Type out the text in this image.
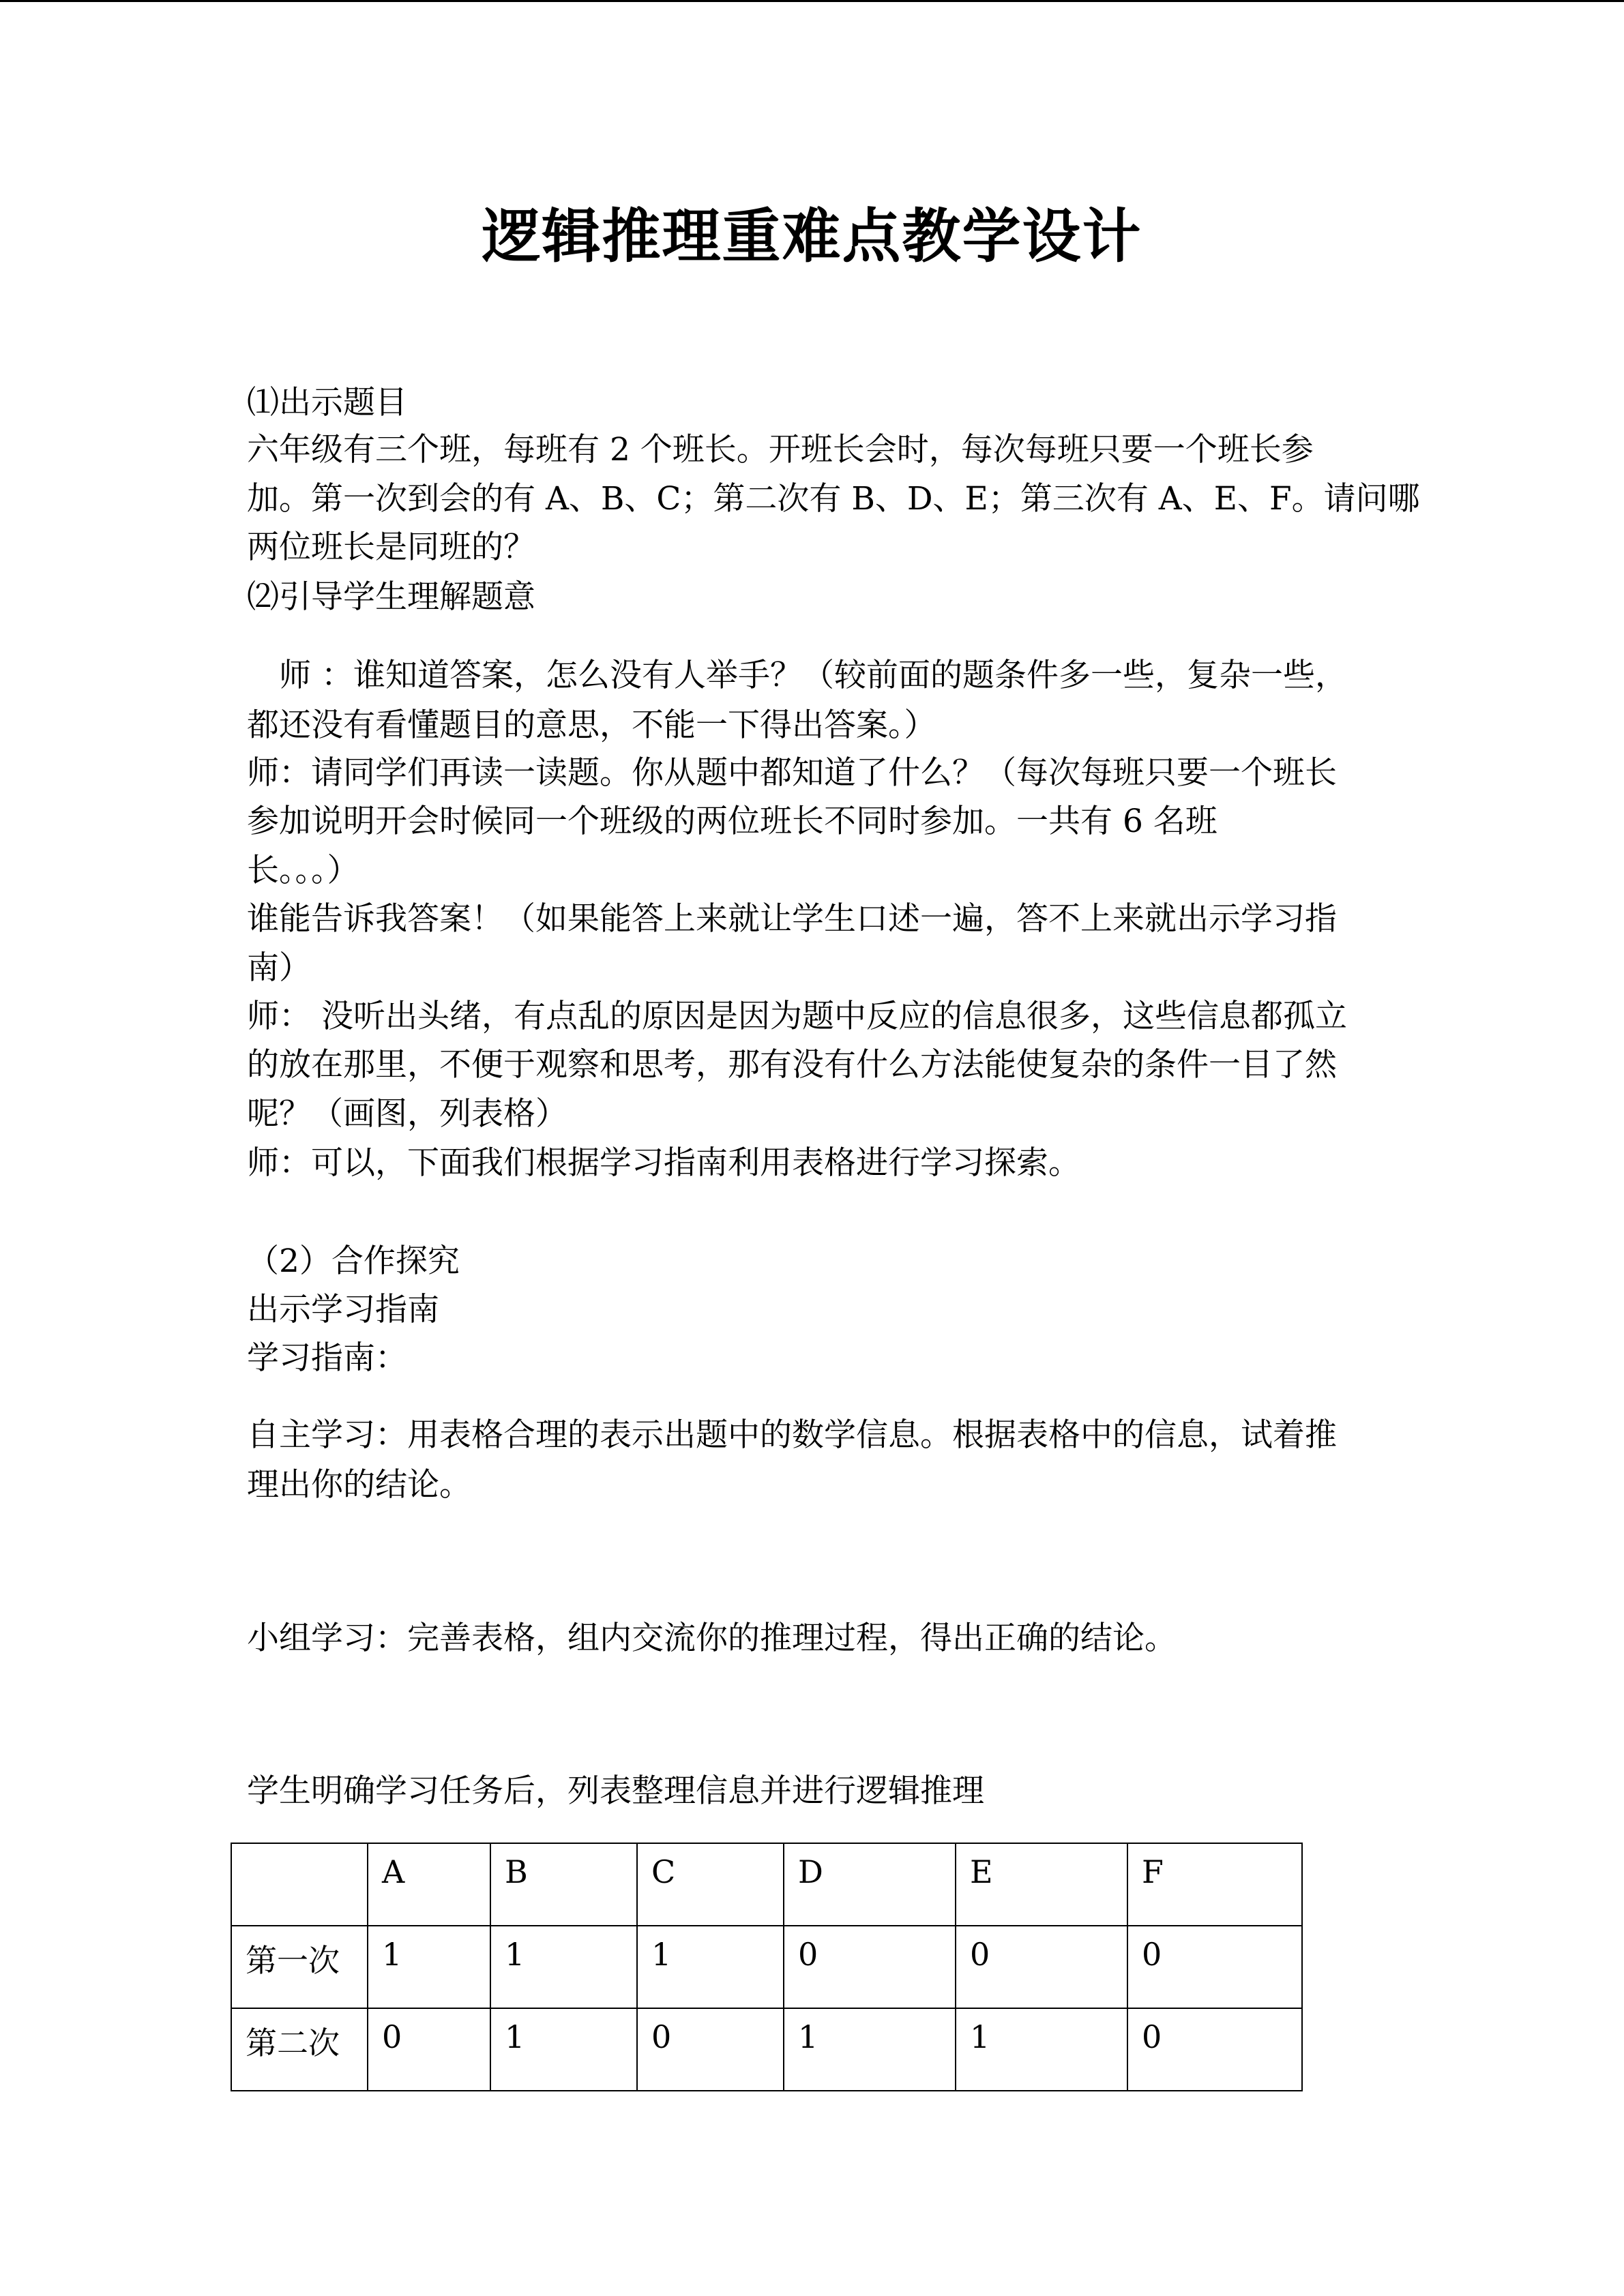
逻辑推理重难点教学设计
⑴出示题目
六年级有三个班，每班有 2 个班长。开班长会时，每次每班只要一个班长参
加。第一次到会的有 A、B、C；第二次有 B、D、E；第三次有 A、E、F。请问哪
两位班长是同班的？
⑵引导学生理解题意
　师 ：谁知道答案，怎么没有人举手？（较前面的题条件多一些，复杂一些，
都还没有看懂题目的意思，不能一下得出答案。）
师：请同学们再读一读题。你从题中都知道了什么？（每次每班只要一个班长
参加说明开会时候同一个班级的两位班长不同时参加。一共有 6 名班
长。。。）
谁能告诉我答案！（如果能答上来就让学生口述一遍，答不上来就出示学习指
南）
师： 没听出头绪，有点乱的原因是因为题中反应的信息很多，这些信息都孤立
的放在那里，不便于观察和思考，那有没有什么方法能使复杂的条件一目了然
呢？（画图，列表格）
师：可以，下面我们根据学习指南利用表格进行学习探索。
（2）合作探究
出示学习指南
学习指南：
自主学习：用表格合理的表示出题中的数学信息。根据表格中的信息，试着推
理出你的结论。
小组学习：完善表格，组内交流你的推理过程，得出正确的结论。
学生明确学习任务后，列表整理信息并进行逻辑推理
	A	B	C	D	E	F
第一次	1	1	1	0	0	0
第二次	0	1	0	1	1	0
